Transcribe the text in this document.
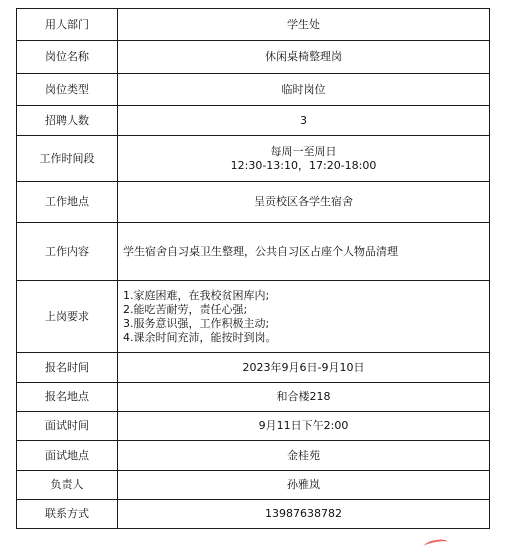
用人部门	学生处
岗位名称	休闲桌椅整理岗
岗位类型	临时岗位
招聘人数	3
工作时间段	每周一至周日
12:30-13:10，17:20-18:00

工作地点	呈贡校区各学生宿舍
工作内容	学生宿舍自习桌卫生整理，公共自习区占座个人物品清理
上岗要求	1.家庭困难，在我校贫困库内;
2.能吃苦耐劳，责任心强;
3.服务意识强，工作积极主动;
4.课余时间充沛，能按时到岗。

报名时间	2023年9月6日-9月10日
报名地点	和合楼218
面试时间	9月11日下午2:00
面试地点	金桂苑
负责人	孙雅岚
联系方式	13987638782
